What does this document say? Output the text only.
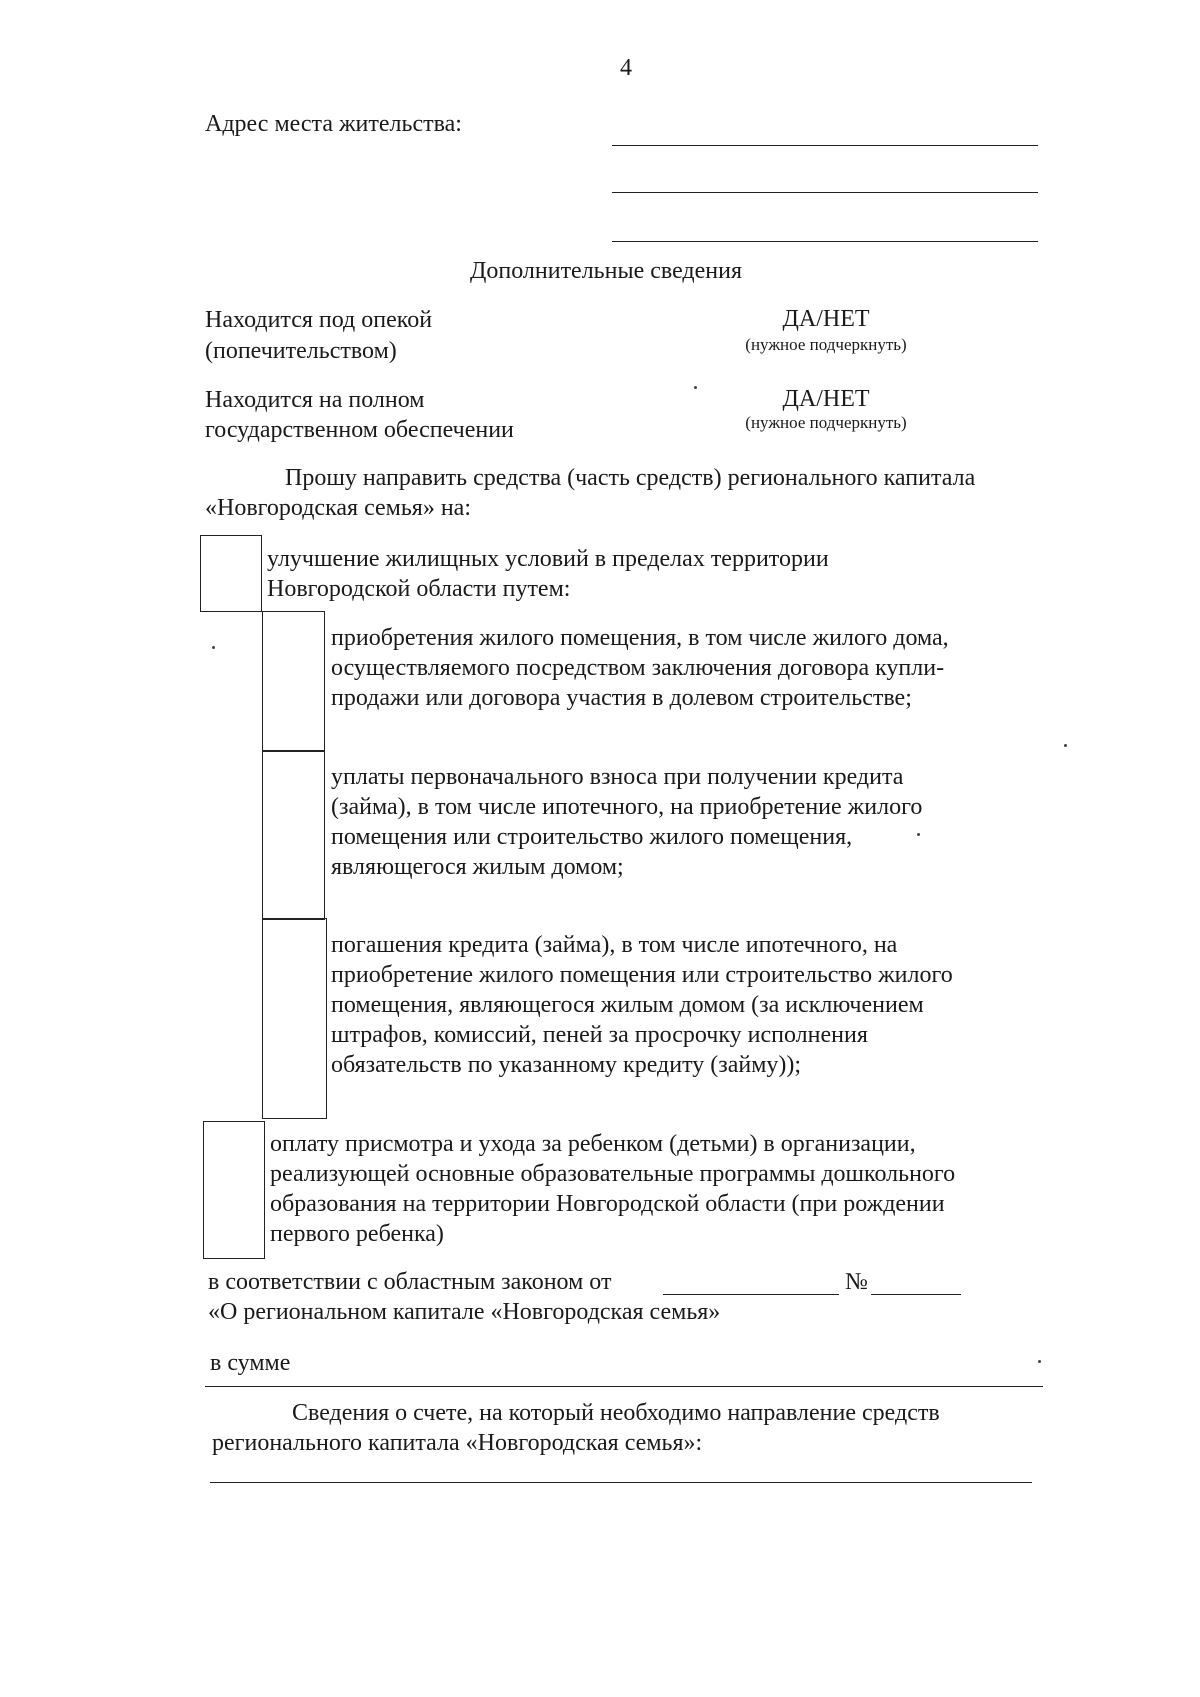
4
Адрес места жительства:
Дополнительные сведения
Находится под опекой
(попечительством)
ДА/НЕТ
(нужное подчеркнуть)
Находится на полном
государственном обеспечении
ДА/НЕТ
(нужное подчеркнуть)
Прошу направить средства (часть средств) регионального капитала
«Новгородская семья» на:
улучшение жилищных условий в пределах территории
Новгородской области путем:
приобретения жилого помещения, в том числе жилого дома,
осуществляемого посредством заключения договора купли-
продажи или договора участия в долевом строительстве;
уплаты первоначального взноса при получении кредита
(займа), в том числе ипотечного, на приобретение жилого
помещения или строительство жилого помещения,
являющегося жилым домом;
погашения кредита (займа), в том числе ипотечного, на
приобретение жилого помещения или строительство жилого
помещения, являющегося жилым домом (за исключением
штрафов, комиссий, пеней за просрочку исполнения
обязательств по указанному кредиту (займу));
оплату присмотра и ухода за ребенком (детьми) в организации,
реализующей основные образовательные программы дошкольного
образования на территории Новгородской области (при рождении
первого ребенка)
в соответствии с областным законом от	№
«О региональном капитале «Новгородская семья»
в сумме
Сведения о счете, на который необходимо направление средств
регионального капитала «Новгородская семья»:
